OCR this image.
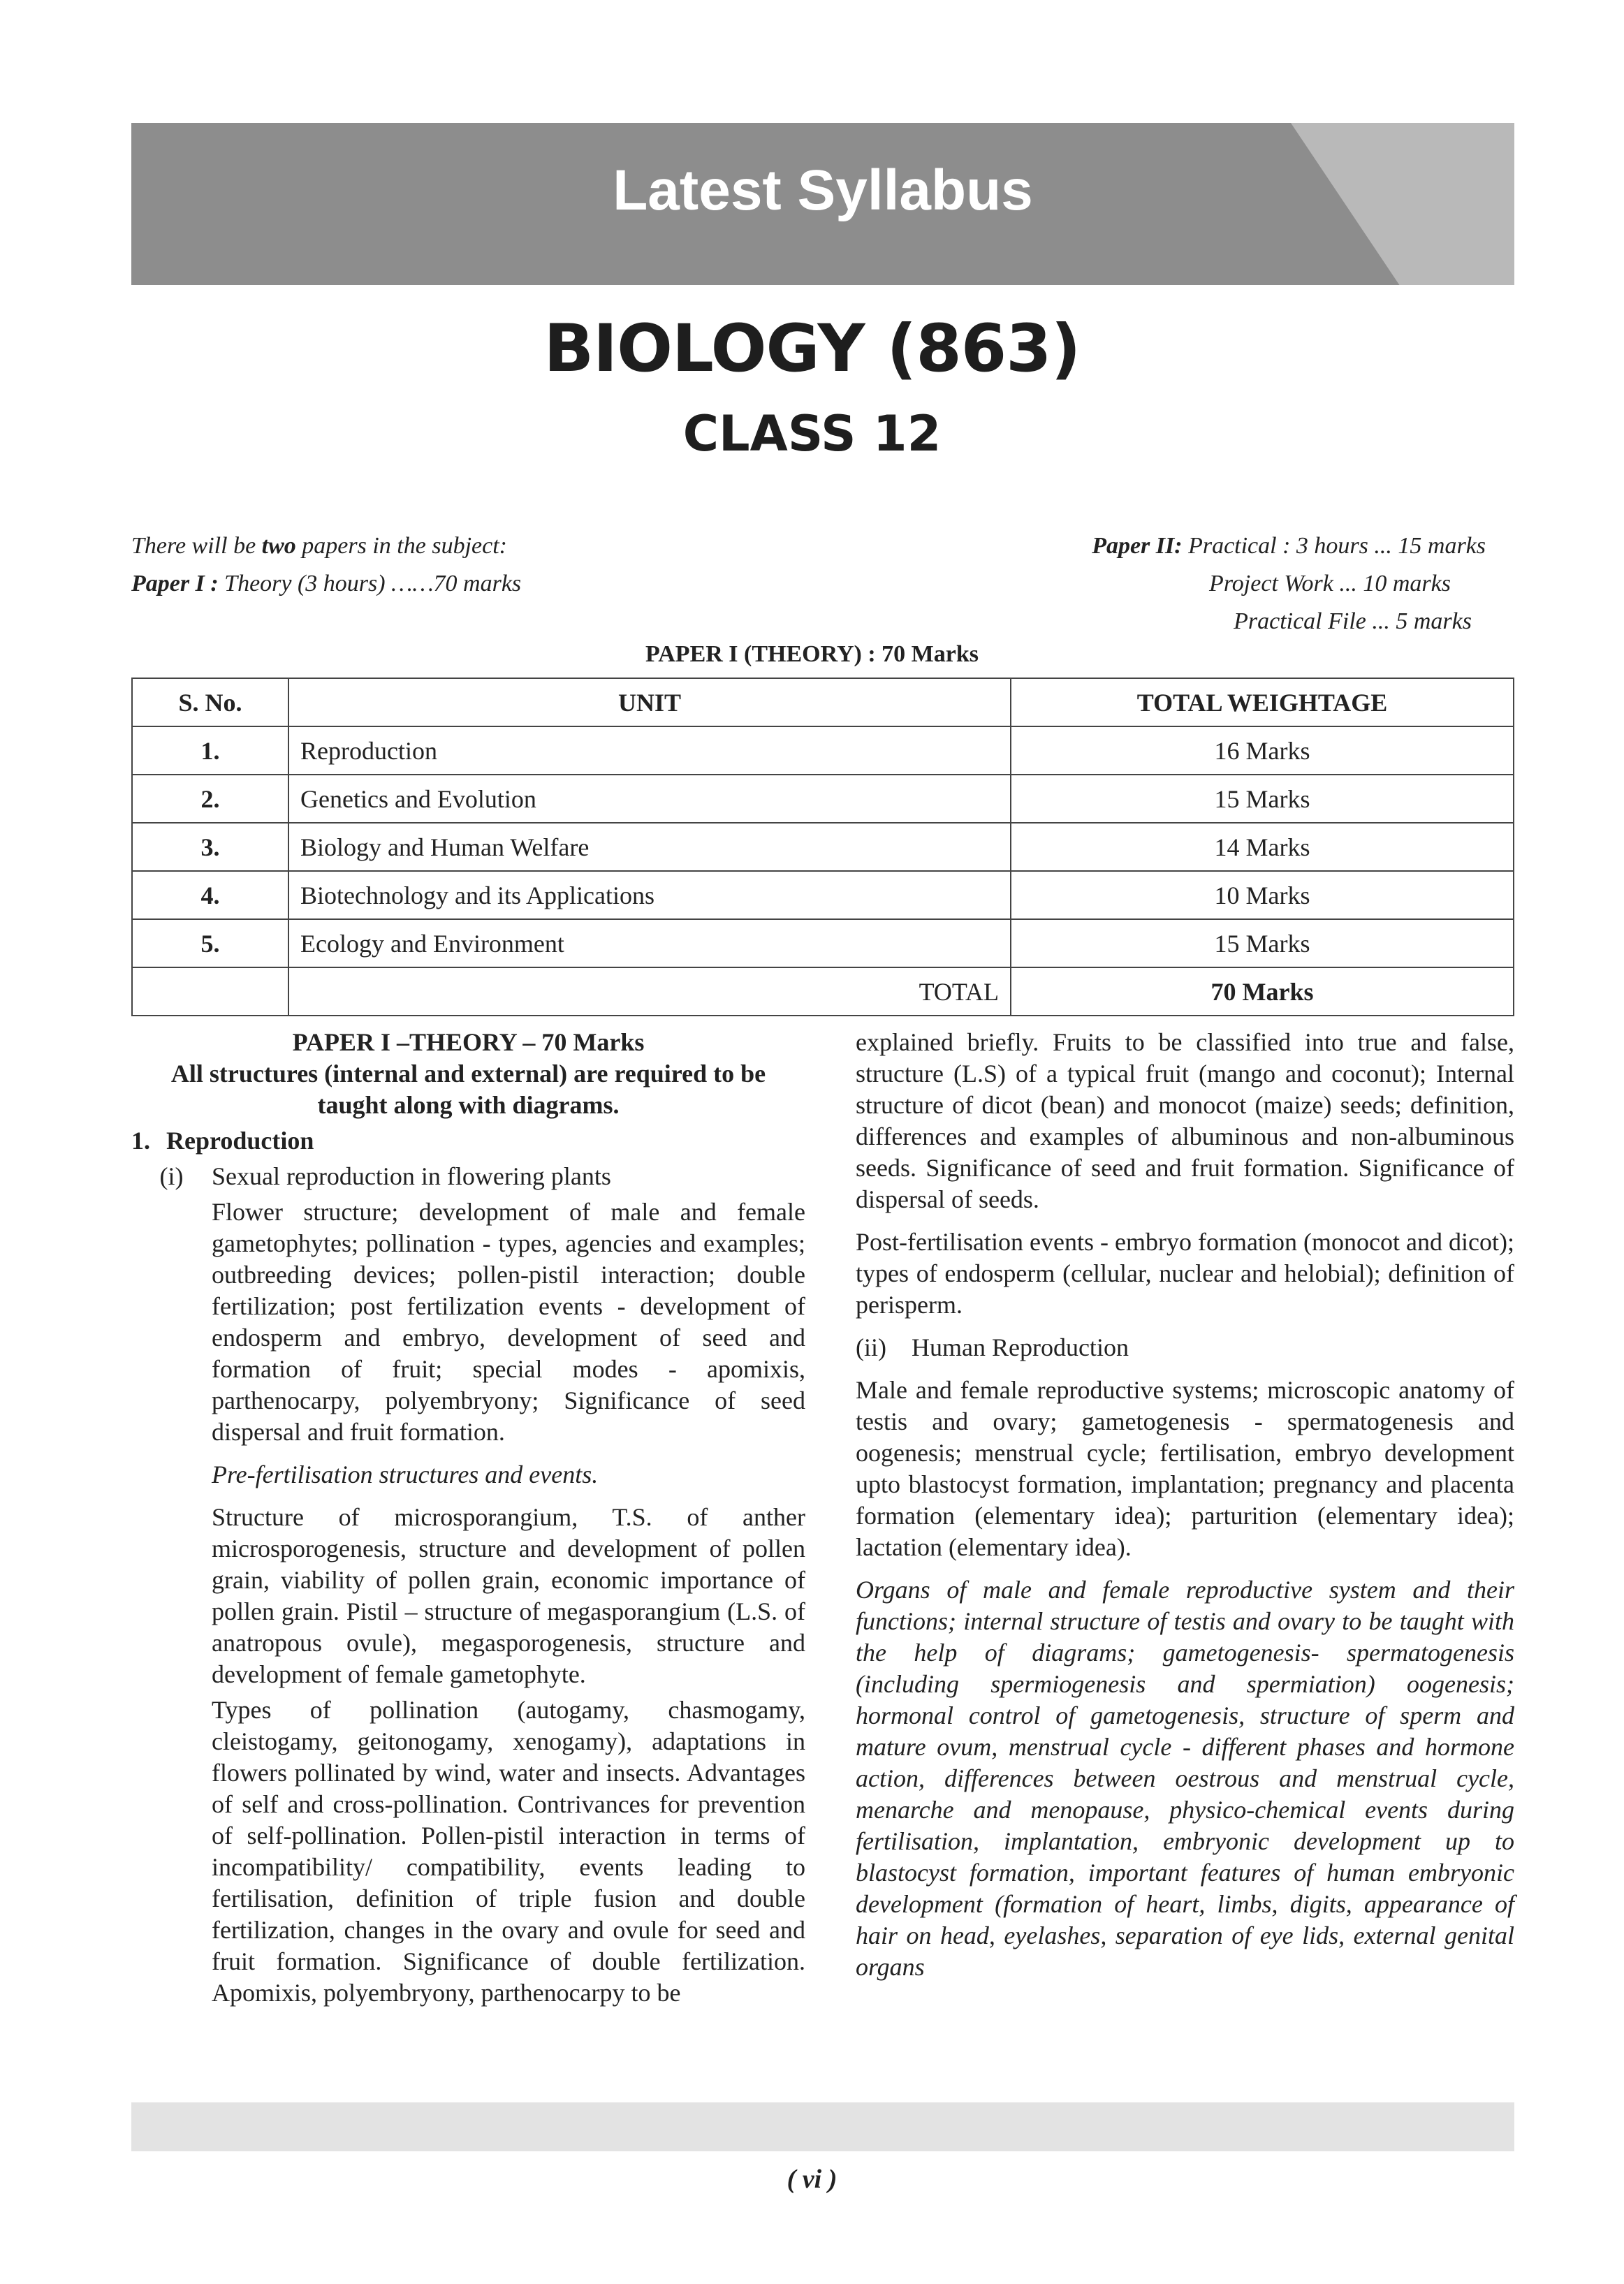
Latest Syllabus
BIOLOGY (863)
CLASS 12
There will be two papers in the subject:
Paper I : Theory (3 hours) ……70 marks
Paper II: Practical : 3 hours ... 15 marks
Project Work ... 10 marks
Practical File ... 5 marks
PAPER I (THEORY) : 70 Marks
S. No.	UNIT	TOTAL WEIGHTAGE
1.	Reproduction	16 Marks
2.	Genetics and Evolution	15 Marks
3.	Biology and Human Welfare	14 Marks
4.	Biotechnology and its Applications	10 Marks
5.	Ecology and Environment	15 Marks
	TOTAL	70 Marks
PAPER I –THEORY – 70 Marks
All structures (internal and external) are required to be
taught along with diagrams.
1. Reproduction
(i)	Sexual reproduction in flowering plants
Flower structure; development of male and female gametophytes; pollination - types, agencies and examples; outbreeding devices; pollen-pistil interaction; double fertilization; post fertilization events - development of endosperm and embryo, development of seed and formation of fruit; special modes - apomixis, parthenocarpy, polyembryony; Significance of seed dispersal and fruit formation.
Pre-fertilisation structures and events.
Structure of microsporangium, T.S. of anther microsporogenesis, structure and development of pollen grain, viability of pollen grain, economic importance of pollen grain. Pistil – structure of megasporangium (L.S. of anatropous ovule), megasporogenesis, structure and development of female gametophyte.
Types of pollination (autogamy, chasmogamy, cleistogamy, geitonogamy, xenogamy), adaptations in flowers pollinated by wind, water and insects. Advantages of self and cross-pollination. Contrivances for prevention of self-pollination. Pollen-pistil interaction in terms of incompatibility/ compatibility, events leading to fertilisation, definition of triple fusion and double fertilization, changes in the ovary and ovule for seed and fruit formation. Significance of double fertilization. Apomixis, polyembryony, parthenocarpy to be
explained briefly. Fruits to be classified into true and false, structure (L.S) of a typical fruit (mango and coconut); Internal structure of dicot (bean) and monocot (maize) seeds; definition, differences and examples of albuminous and non-albuminous seeds. Significance of seed and fruit formation. Significance of dispersal of seeds.
Post-fertilisation events - embryo formation (monocot and dicot); types of endosperm (cellular, nuclear and helobial); definition of perisperm.
(ii)	Human Reproduction
Male and female reproductive systems; microscopic anatomy of testis and ovary; gametogenesis - spermatogenesis and oogenesis; menstrual cycle; fertilisation, embryo development upto blastocyst formation, implantation; pregnancy and placenta formation (elementary idea); parturition (elementary idea); lactation (elementary idea).
Organs of male and female reproductive system and their functions; internal structure of testis and ovary to be taught with the help of diagrams; gametogenesis- spermatogenesis (including spermiogenesis and spermiation) oogenesis; hormonal control of gametogenesis, structure of sperm and mature ovum, menstrual cycle - different phases and hormone action, differences between oestrous and menstrual cycle, menarche and menopause, physico-chemical events during fertilisation, implantation, embryonic development up to blastocyst formation, important features of human embryonic development (formation of heart, limbs, digits, appearance of hair on head, eyelashes, separation of eye lids, external genital organs
( vi )
